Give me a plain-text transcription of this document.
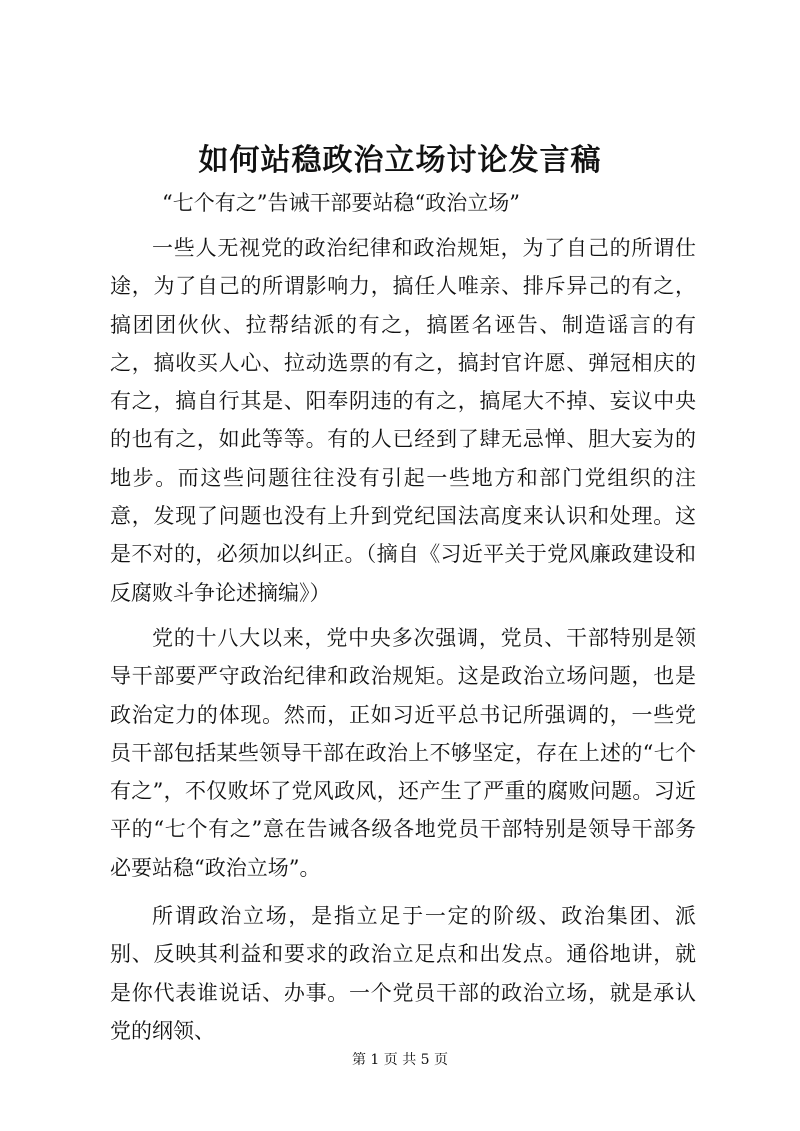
如何站稳政治立场讨论发言稿
“七个有之”告诫干部要站稳“政治立场”

一些人无视党的政治纪律和政治规矩，为了自己的所谓仕途，为了自己的所谓影响力，搞任人唯亲、排斥异己的有之，搞团团伙伙、拉帮结派的有之，搞匿名诬告、制造谣言的有之，搞收买人心、拉动选票的有之，搞封官许愿、弹冠相庆的有之，搞自行其是、阳奉阴违的有之，搞尾大不掉、妄议中央的也有之，如此等等。有的人已经到了肆无忌惮、胆大妄为的地步。而这些问题往往没有引起一些地方和部门党组织的注意，发现了问题也没有上升到党纪国法高度来认识和处理。这是不对的，必须加以纠正。（摘自《习近平关于党风廉政建设和反腐败斗争论述摘编》）

党的十八大以来，党中央多次强调，党员、干部特别是领导干部要严守政治纪律和政治规矩。这是政治立场问题，也是政治定力的体现。然而，正如习近平总书记所强调的，一些党员干部包括某些领导干部在政治上不够坚定，存在上述的“七个有之”，不仅败坏了党风政风，还产生了严重的腐败问题。习近平的“七个有之”意在告诫各级各地党员干部特别是领导干部务必要站稳“政治立场”。

所谓政治立场，是指立足于一定的阶级、政治集团、派别、反映其利益和要求的政治立足点和出发点。通俗地讲，就是你代表谁说话、办事。一个党员干部的政治立场，就是承认党的纲领、

第 1 页 共 5 页
